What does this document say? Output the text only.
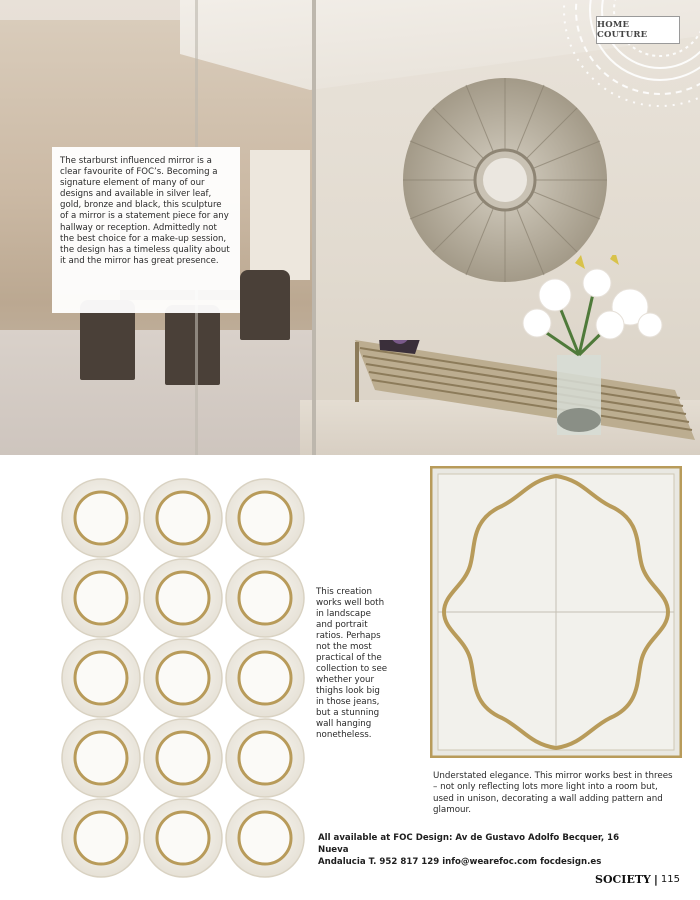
The starburst influenced mirror is a clear favourite of FOC’s. Becoming a signature element of many of our designs and available in silver leaf, gold, bronze and black, this sculpture of a mirror is a statement piece for any hallway or reception. Admittedly not the best choice for a make-up session, the design has a timeless quality about it and the mirror has great presence.

HOME COUTURE

This creation works well both in landscape and portrait ratios. Perhaps not the most practical of the collection to see whether your thighs look big in those jeans, but a stunning wall hanging nonetheless.

Understated elegance. This mirror works best in threes – not only reflecting lots more light into a room but, used in unison, decorating a wall adding pattern and glamour.

All available at FOC Design: Av de Gustavo Adolfo Becquer, 16 Nueva

Andalucia T. 952 817 129 info@wearefoc.com focdesign.es

SOCIETY | 115
